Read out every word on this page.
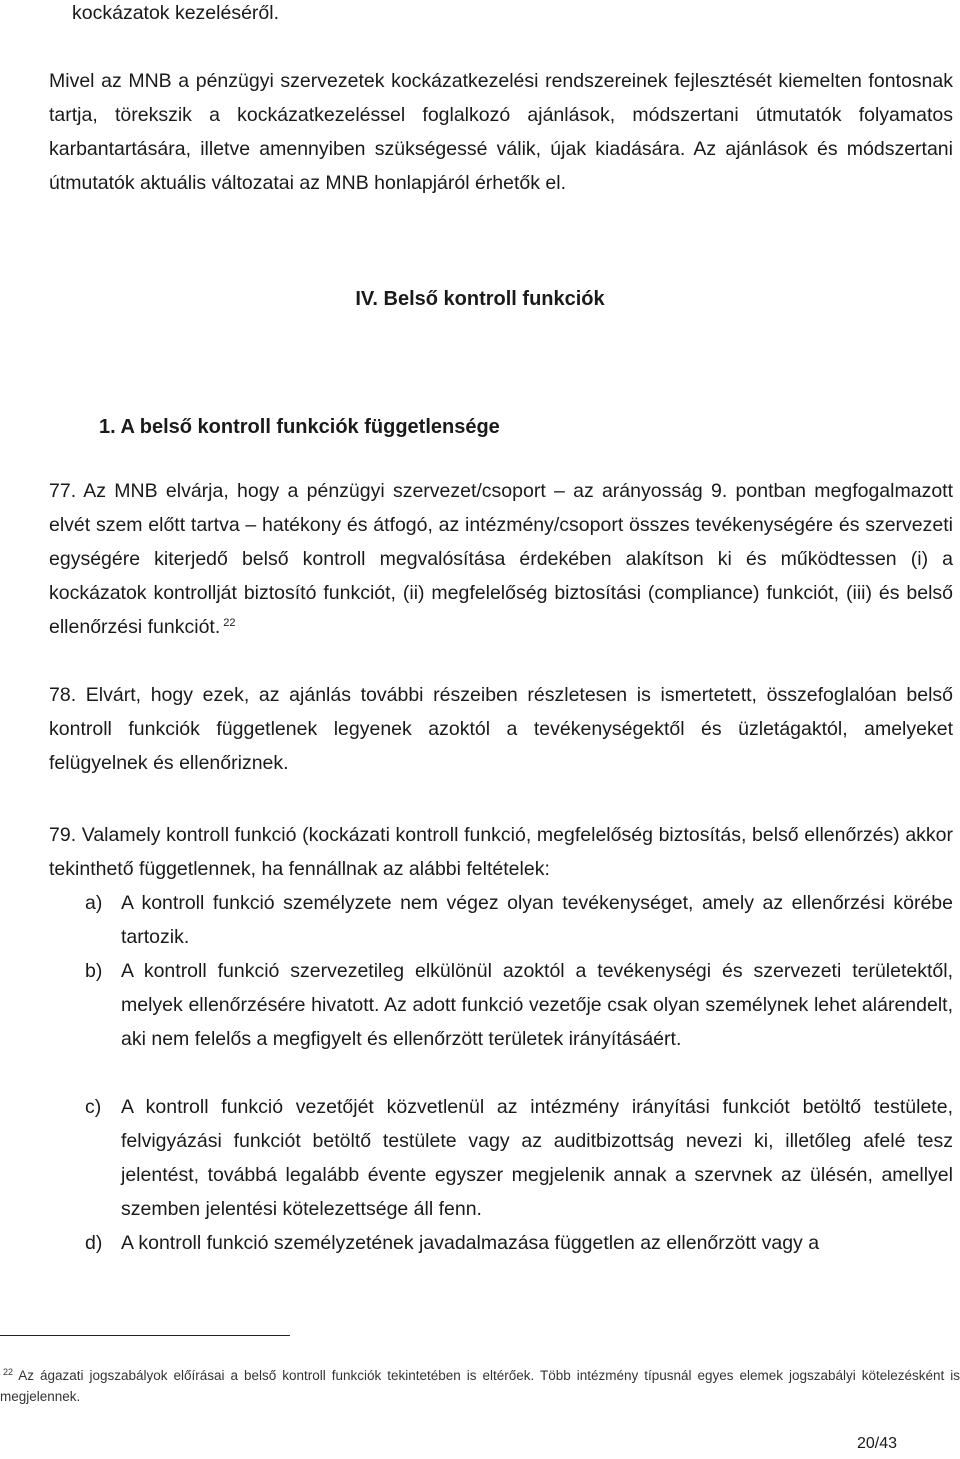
kockázatok kezeléséről.

Mivel az MNB a pénzügyi szervezetek kockázatkezelési rendszereinek fejlesztését kiemelten fontosnak tartja, törekszik a kockázatkezeléssel foglalkozó ajánlások, módszertani útmutatók folyamatos karbantartására, illetve amennyiben szükségessé válik, újak kiadására. Az ajánlások és módszertani útmutatók aktuális változatai az MNB honlapjáról érhetők el.

IV. Belső kontroll funkciók
1. A belső kontroll funkciók függetlensége

77. Az MNB elvárja, hogy a pénzügyi szervezet/csoport – az arányosság 9. pontban megfogalmazott elvét szem előtt tartva – hatékony és átfogó, az intézmény/csoport összes tevékenységére és szervezeti egységére kiterjedő belső kontroll megvalósítása érdekében alakítson ki és működtessen (i) a kockázatok kontrollját biztosító funkciót, (ii) megfelelőség biztosítási (compliance) funkciót, (iii) és belső ellenőrzési funkciót. $^{22}$

78. Elvárt, hogy ezek, az ajánlás további részeiben részletesen is ismertetett, összefoglalóan belső kontroll funkciók függetlenek legyenek azoktól a tevékenységektől és üzletágaktól, amelyeket felügyelnek és ellenőriznek.

79. Valamely kontroll funkció (kockázati kontroll funkció, megfelelőség biztosítás, belső ellenőrzés) akkor tekinthető függetlennek, ha fennállnak az alábbi feltételek:

a) A kontroll funkció személyzete nem végez olyan tevékenységet, amely az ellenőrzési körébe tartozik.
b) A kontroll funkció szervezetileg elkülönül azoktól a tevékenységi és szervezeti területektől, melyek ellenőrzésére hivatott. Az adott funkció vezetője csak olyan személynek lehet alárendelt, aki nem felelős a megfigyelt és ellenőrzött területek irányításáért.
c)	A kontroll funkció vezetőjét közvetlenül az intézmény irányítási funkciót betöltő testülete, felvigyázási funkciót betöltő testülete vagy az auditbizottság nevezi ki, illetőleg afelé tesz jelentést, továbbá legalább évente egyszer megjelenik annak a szervnek az ülésén, amellyel szemben jelentési kötelezettsége áll fenn.
d) A kontroll funkció személyzetének javadalmazása független az ellenőrzött vagy a

$^{22}$ Az ágazati jogszabályok előírásai a belső kontroll funkciók tekintetében is eltérőek. Több intézmény típusnál egyes elemek jogszabályi kötelezésként is megjelennek.

20/43
